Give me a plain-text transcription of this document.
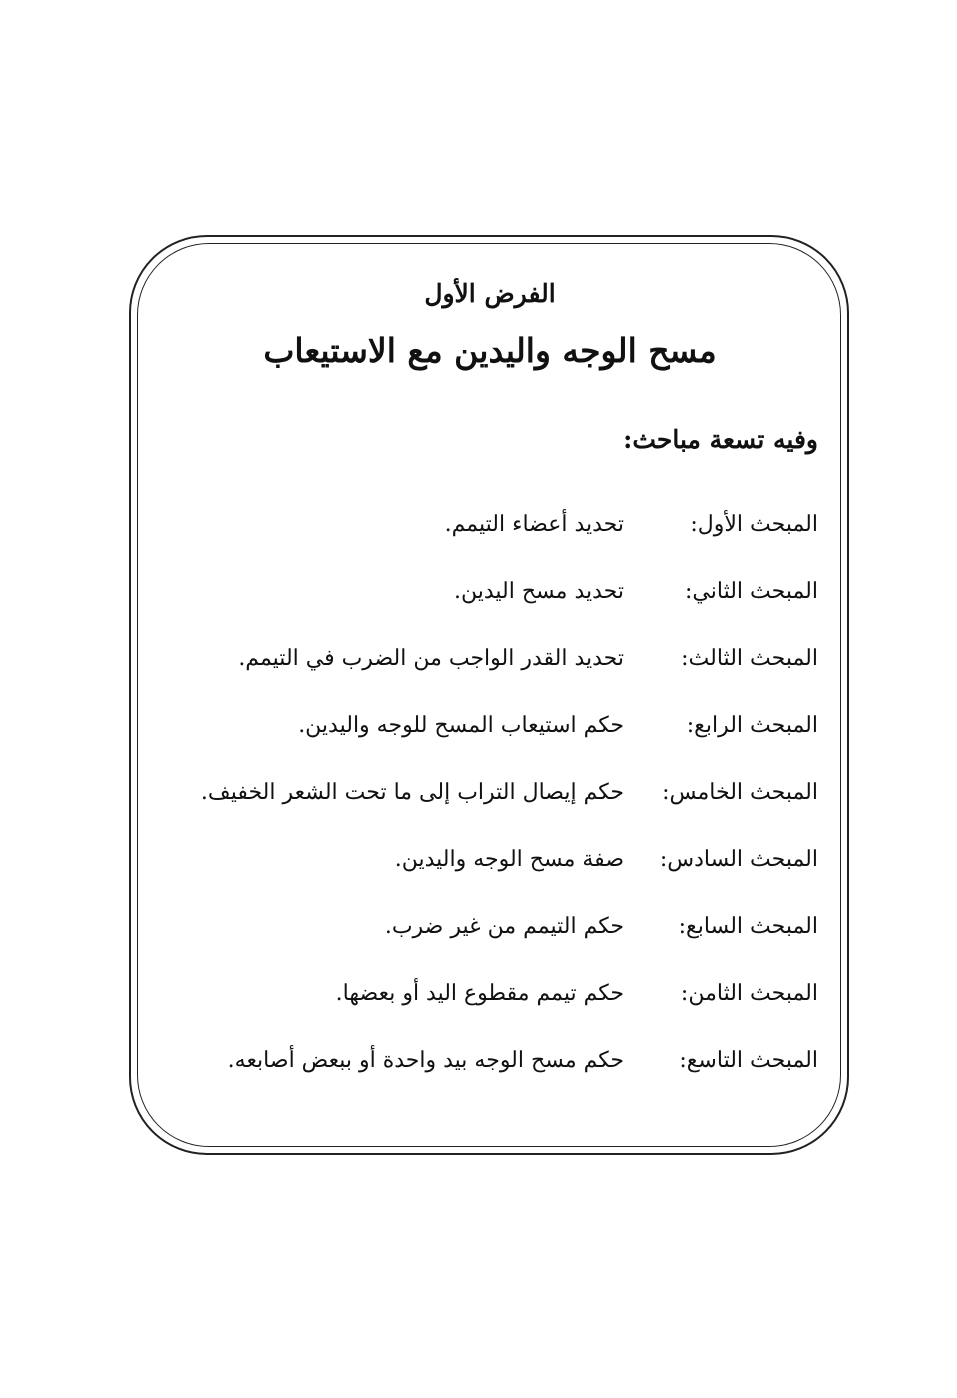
الفرض الأول
مسح الوجه واليدين مع الاستيعاب
وفيه تسعة مباحث:
المبحث الأول:
تحديد أعضاء التيمم.
المبحث الثاني:
تحديد مسح اليدين.
المبحث الثالث:
تحديد القدر الواجب من الضرب في التيمم.
المبحث الرابع:
حكم استيعاب المسح للوجه واليدين.
المبحث الخامس:
حكم إيصال التراب إلى ما تحت الشعر الخفيف.
المبحث السادس:
صفة مسح الوجه واليدين.
المبحث السابع:
حكم التيمم من غير ضرب.
المبحث الثامن:
حكم تيمم مقطوع اليد أو بعضها.
المبحث التاسع:
حكم مسح الوجه بيد واحدة أو ببعض أصابعه.
